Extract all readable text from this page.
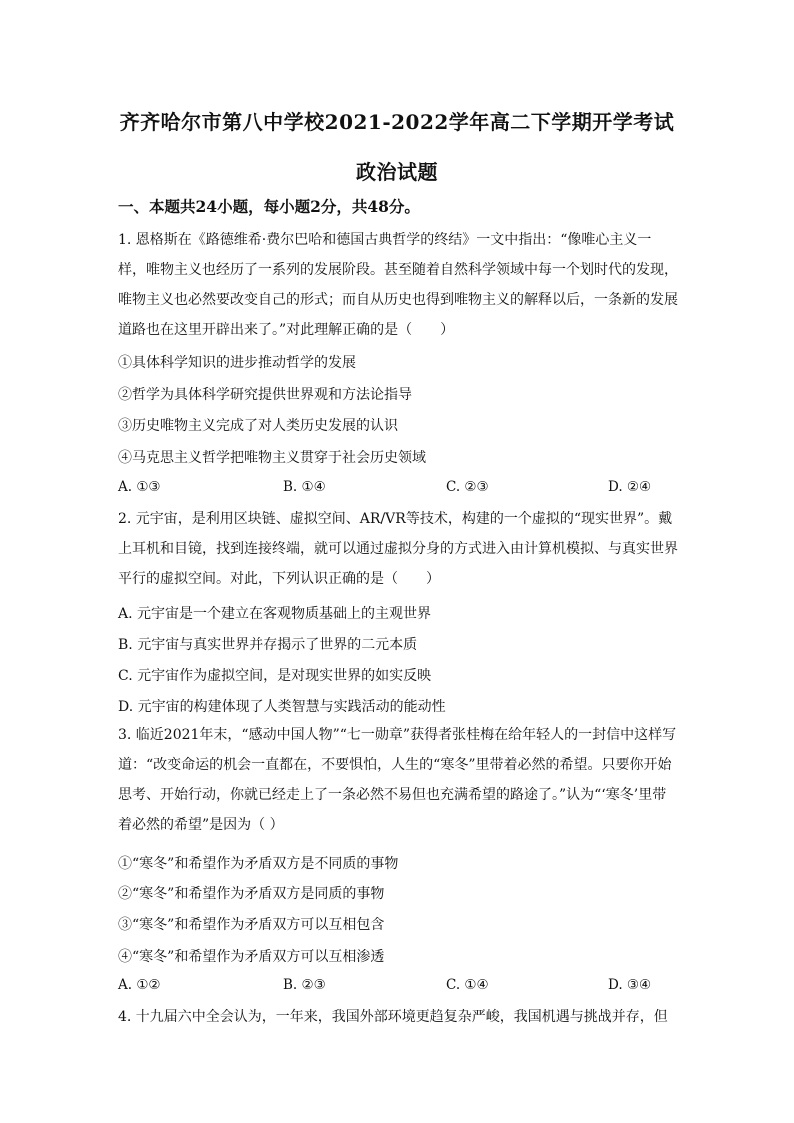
齐齐哈尔市第八中学校2021-2022学年高二下学期开学考试
政治试题
一、本题共24小题，每小题2分，共48分。
1. 恩格斯在《路德维希·费尔巴哈和德国古典哲学的终结》一文中指出：“像唯心主义一样，唯物主义也经历了一系列的发展阶段。甚至随着自然科学领域中每一个划时代的发现，唯物主义也必然要改变自己的形式；而自从历史也得到唯物主义的解释以后，一条新的发展道路也在这里开辟出来了。”对此理解正确的是（　　）
①具体科学知识的进步推动哲学的发展
②哲学为具体科学研究提供世界观和方法论指导
③历史唯物主义完成了对人类历史发展的认识
④马克思主义哲学把唯物主义贯穿于社会历史领域
A. ①③	B. ①④	C. ②③	D. ②④
2. 元宇宙，是利用区块链、虚拟空间、AR/VR等技术，构建的一个虚拟的“现实世界”。戴上耳机和目镜，找到连接终端，就可以通过虚拟分身的方式进入由计算机模拟、与真实世界平行的虚拟空间。对此，下列认识正确的是（　　）
A. 元宇宙是一个建立在客观物质基础上的主观世界
B. 元宇宙与真实世界并存揭示了世界的二元本质
C. 元宇宙作为虚拟空间，是对现实世界的如实反映
D. 元宇宙的构建体现了人类智慧与实践活动的能动性
3. 临近2021年末，“感动中国人物”“七一勋章”获得者张桂梅在给年轻人的一封信中这样写道：“改变命运的机会一直都在，不要惧怕，人生的“寒冬”里带着必然的希望。只要你开始思考、开始行动，你就已经走上了一条必然不易但也充满希望的路途了。”认为“‘寒冬’里带着必然的希望”是因为（ ）
①“寒冬”和希望作为矛盾双方是不同质的事物
②“寒冬”和希望作为矛盾双方是同质的事物
③“寒冬”和希望作为矛盾双方可以互相包含
④“寒冬”和希望作为矛盾双方可以互相渗透
A. ①②	B. ②③	C. ①④	D. ③④
4. 十九届六中全会认为，一年来，我国外部环境更趋复杂严峻，我国机遇与挑战并存，但
